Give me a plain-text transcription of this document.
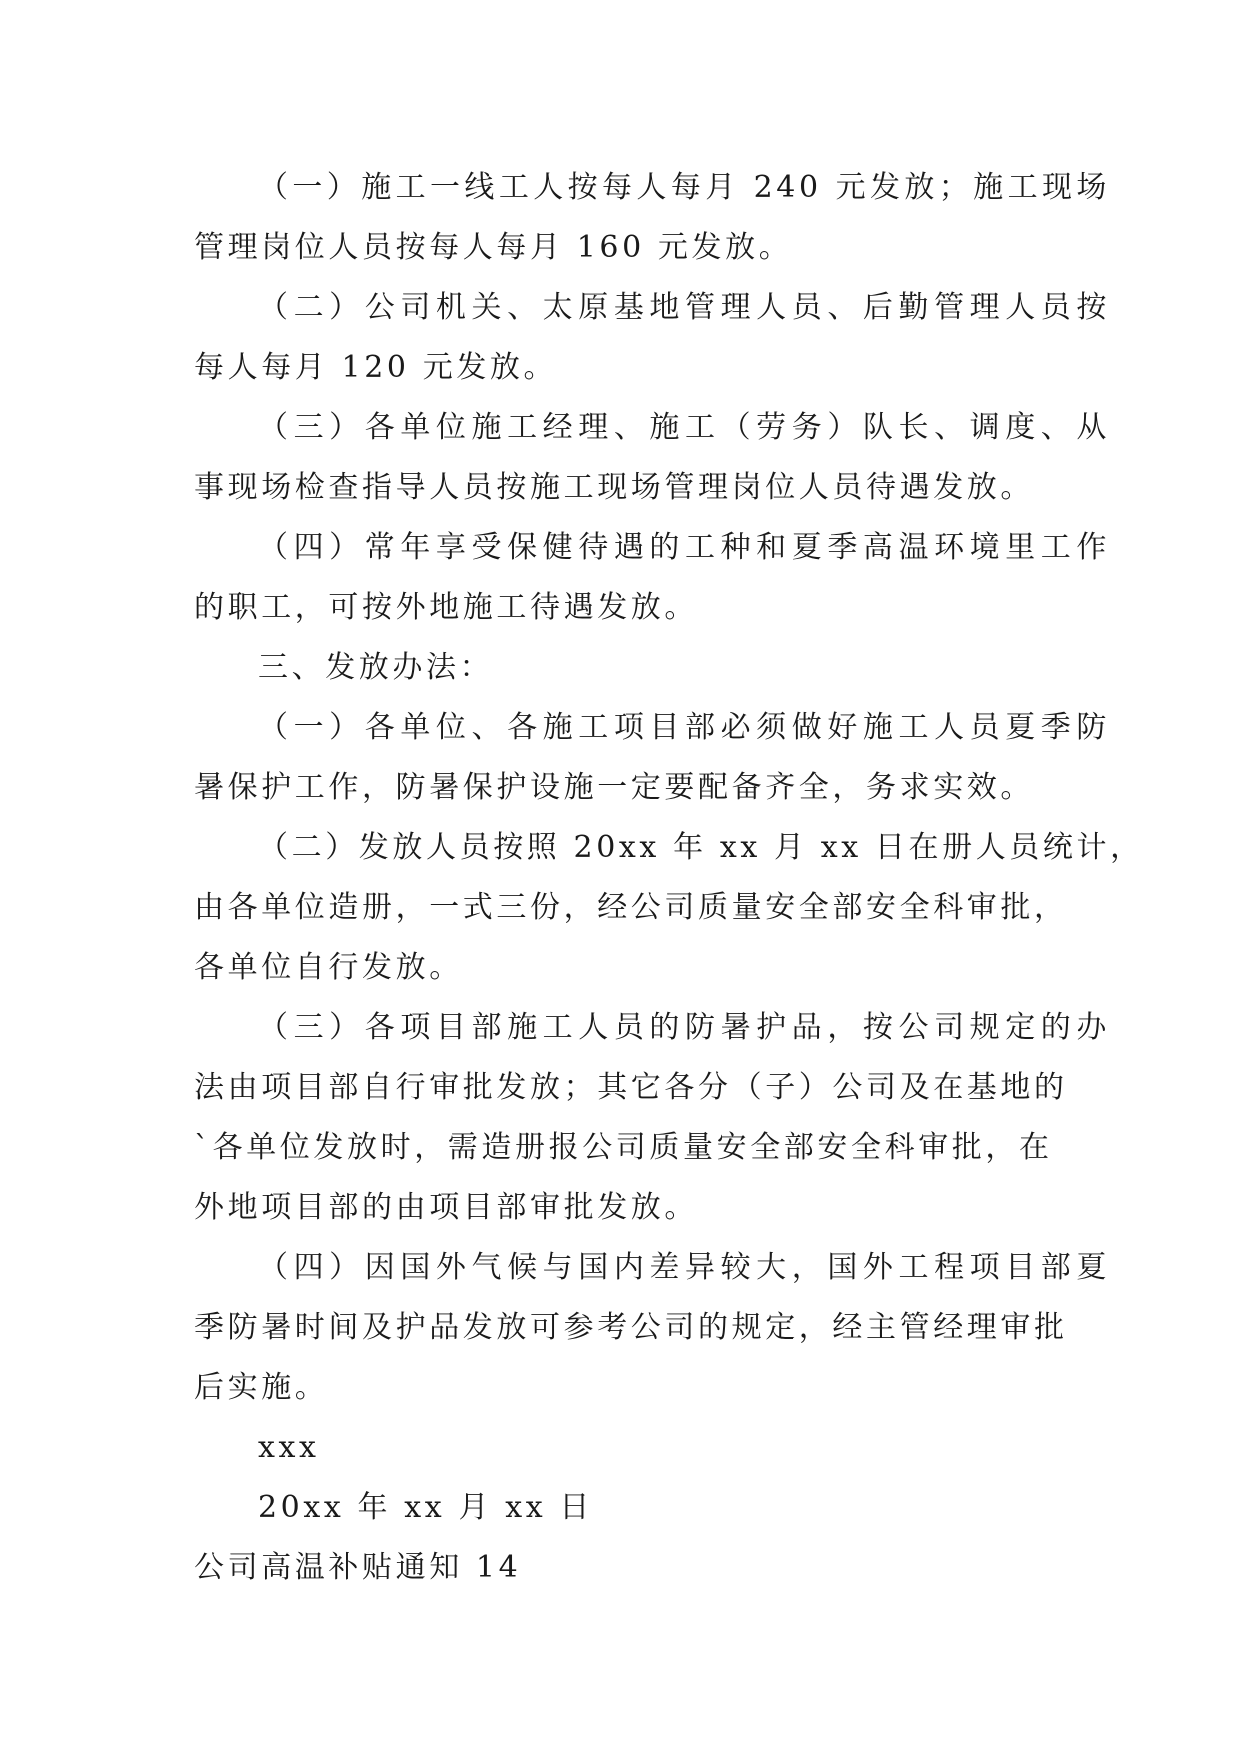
（一）施工一线工人按每人每月 240 元发放；施工现场
管理岗位人员按每人每月 160 元发放。
（二）公司机关、太原基地管理人员、后勤管理人员按
每人每月 120 元发放。
（三）各单位施工经理、施工（劳务）队长、调度、从
事现场检查指导人员按施工现场管理岗位人员待遇发放。
（四）常年享受保健待遇的工种和夏季高温环境里工作
的职工，可按外地施工待遇发放。
三、发放办法：
（一）各单位、各施工项目部必须做好施工人员夏季防
暑保护工作，防暑保护设施一定要配备齐全，务求实效。
（二）发放人员按照 20xx 年 xx 月 xx 日在册人员统计，
由各单位造册，一式三份，经公司质量安全部安全科审批，
各单位自行发放。
（三）各项目部施工人员的防暑护品，按公司规定的办
法由项目部自行审批发放；其它各分（子）公司及在基地的
`各单位发放时，需造册报公司质量安全部安全科审批，在
外地项目部的由项目部审批发放。
（四）因国外气候与国内差异较大，国外工程项目部夏
季防暑时间及护品发放可参考公司的规定，经主管经理审批
后实施。
xxx
20xx 年 xx 月 xx 日
公司高温补贴通知 14
